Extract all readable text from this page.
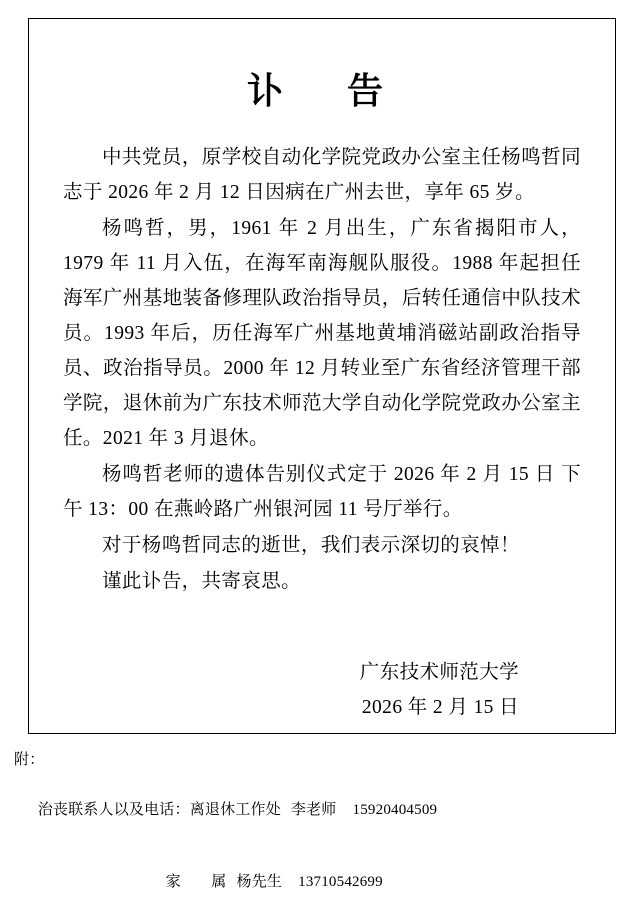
讣　告

中共党员，原学校自动化学院党政办公室主任杨鸣哲同志于 2026 年 2 月 12 日因病在广州去世，享年 65 岁。

杨鸣哲，男，1961 年 2 月出生，广东省揭阳市人，1979 年 11 月入伍，在海军南海舰队服役。1988 年起担任海军广州基地装备修理队政治指导员，后转任通信中队技术员。1993 年后，历任海军广州基地黄埔消磁站副政治指导员、政治指导员。2000 年 12 月转业至广东省经济管理干部学院，退休前为广东技术师范大学自动化学院党政办公室主任。2021 年 3 月退休。

杨鸣哲老师的遗体告别仪式定于 2026 年 2 月 15 日 下午 13：00 在燕岭路广州银河园 11 号厅举行。

对于杨鸣哲同志的逝世，我们表示深切的哀悼！

谨此讣告，共寄哀思。

广东技术师范大学
2026 年 2 月 15 日
附：

治丧联系人以及电话：离退休工作处 李老师 15920404509

家　　属 杨先生 13710542699
